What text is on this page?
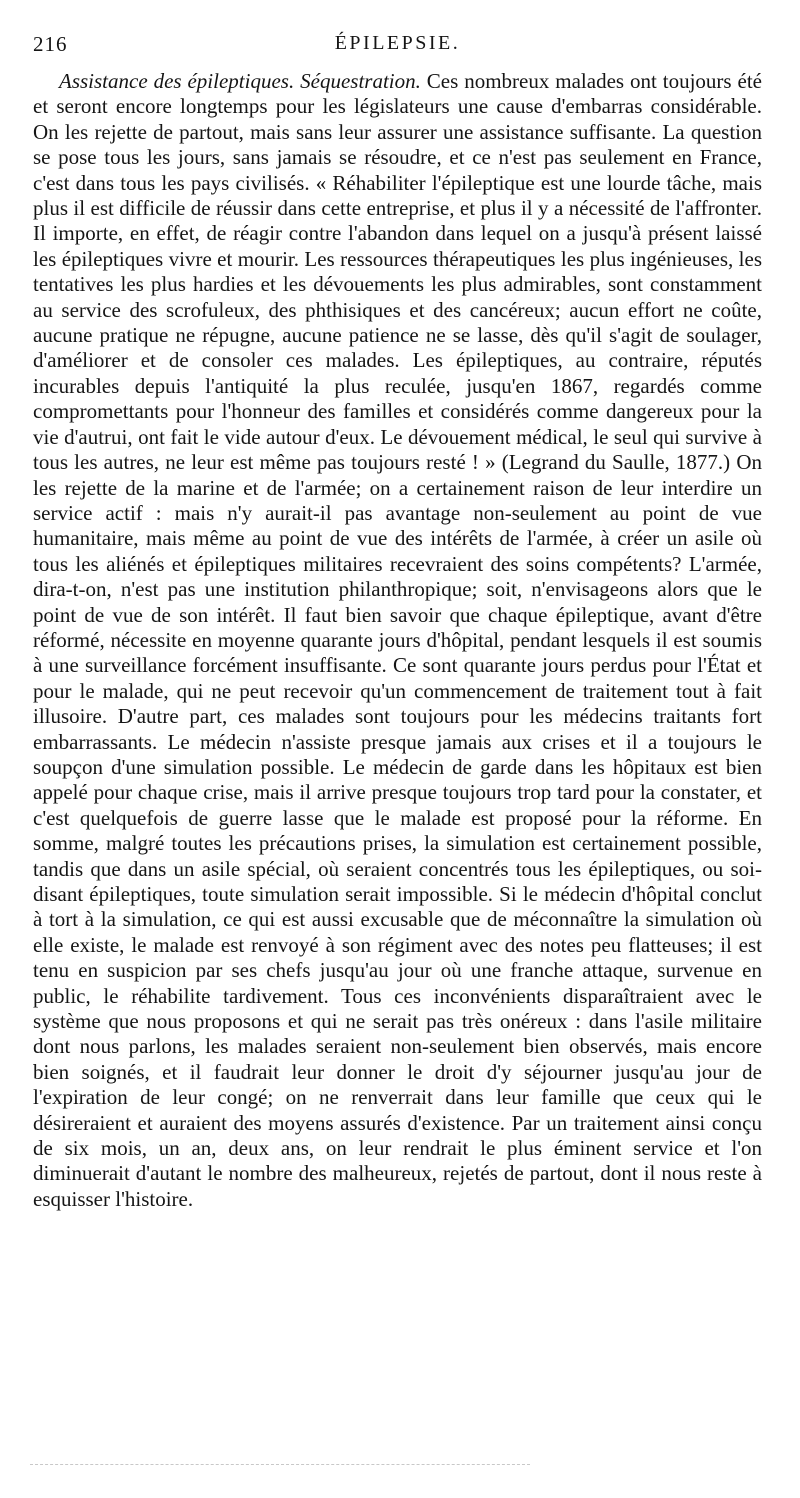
216	ÉPILEPSIE.

Assistance des épileptiques. Séquestration. Ces nombreux malades ont toujours été et seront encore longtemps pour les législateurs une cause d'embarras considérable. On les rejette de partout, mais sans leur assurer une assistance suffisante. La question se pose tous les jours, sans jamais se résoudre, et ce n'est pas seulement en France, c'est dans tous les pays civilisés. « Réhabiliter l'épileptique est une lourde tâche, mais plus il est difficile de réussir dans cette entreprise, et plus il y a nécessité de l'affronter. Il importe, en effet, de réagir contre l'abandon dans lequel on a jusqu'à présent laissé les épileptiques vivre et mourir. Les ressources thérapeutiques les plus ingénieuses, les tentatives les plus hardies et les dévouements les plus admirables, sont constamment au service des scrofuleux, des phthisiques et des cancéreux; aucun effort ne coûte, aucune pratique ne répugne, aucune patience ne se lasse, dès qu'il s'agit de soulager, d'améliorer et de consoler ces malades. Les épileptiques, au contraire, réputés incurables depuis l'antiquité la plus reculée, jusqu'en 1867, regardés comme compromettants pour l'honneur des familles et considérés comme dangereux pour la vie d'autrui, ont fait le vide autour d'eux. Le dévouement médical, le seul qui survive à tous les autres, ne leur est même pas toujours resté ! » (Legrand du Saulle, 1877.) On les rejette de la marine et de l'armée; on a certainement raison de leur interdire un service actif : mais n'y aurait-il pas avantage non-seulement au point de vue humanitaire, mais même au point de vue des intérêts de l'armée, à créer un asile où tous les aliénés et épileptiques militaires recevraient des soins compétents? L'armée, dira-t-on, n'est pas une institution philanthropique; soit, n'envisageons alors que le point de vue de son intérêt. Il faut bien savoir que chaque épileptique, avant d'être réformé, nécessite en moyenne quarante jours d'hôpital, pendant lesquels il est soumis à une surveillance forcément insuffisante. Ce sont quarante jours perdus pour l'État et pour le malade, qui ne peut recevoir qu'un commencement de traitement tout à fait illusoire. D'autre part, ces malades sont toujours pour les médecins traitants fort embarrassants. Le médecin n'assiste presque jamais aux crises et il a toujours le soupçon d'une simulation possible. Le médecin de garde dans les hôpitaux est bien appelé pour chaque crise, mais il arrive presque toujours trop tard pour la constater, et c'est quelquefois de guerre lasse que le malade est proposé pour la réforme. En somme, malgré toutes les précautions prises, la simulation est certainement possible, tandis que dans un asile spécial, où seraient concentrés tous les épileptiques, ou soidisant épileptiques, toute simulation serait impossible. Si le médecin d'hôpital conclut à tort à la simulation, ce qui est aussi excusable que de méconnaître la simulation où elle existe, le malade est renvoyé à son régiment avec des notes peu flatteuses; il est tenu en suspicion par ses chefs jusqu'au jour où une franche attaque, survenue en public, le réhabilite tardivement. Tous ces inconvénients disparaîtraient avec le système que nous proposons et qui ne serait pas très onéreux : dans l'asile militaire dont nous parlons, les malades seraient non-seulement bien observés, mais encore bien soignés, et il faudrait leur donner le droit d'y séjourner jusqu'au jour de l'expiration de leur congé; on ne renverrait dans leur famille que ceux qui le désireraient et auraient des moyens assurés d'existence. Par un traitement ainsi conçu de six mois, un an, deux ans, on leur rendrait le plus éminent service et l'on diminuerait d'autant le nombre des malheureux, rejetés de partout, dont il nous reste à esquisser l'histoire.
